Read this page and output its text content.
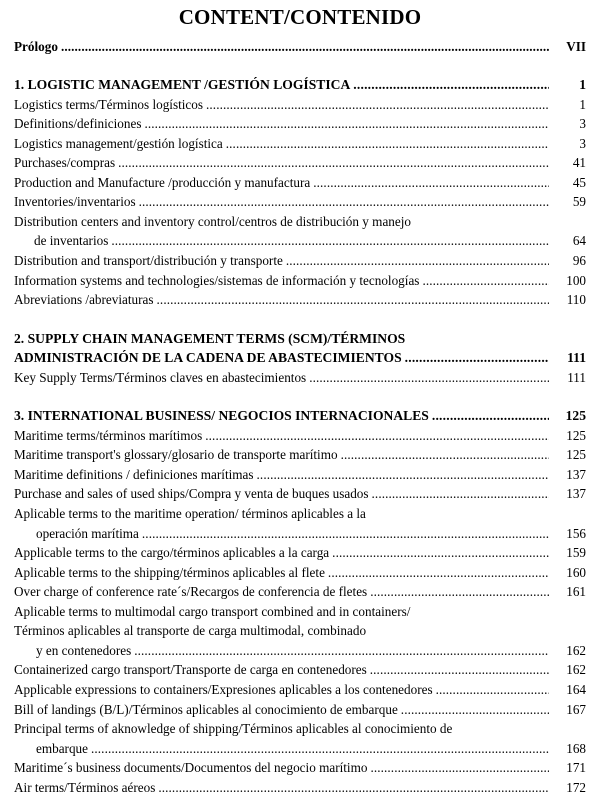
CONTENT/CONTENIDO
Prólogo . . .	VII
1. LOGISTIC MANAGEMENT /GESTIÓN LOGÍSTICA . . .	1
Logistics terms/Términos logísticos . . .	1
Definitions/definiciones . . .	3
Logistics management/gestión logística . . .	3
Purchases/compras . . .	41
Production and Manufacture /producción y manufactura . . .	45
Inventories/inventarios . . .	59
Distribution centers and inventory control/centros de distribución y manejo
de inventarios . . .	64
Distribution and transport/distribución y transporte . . .	96
Information systems and technologies/sistemas de información y tecnologías . . .	100
Abreviations /abreviaturas . . .	110
2. SUPPLY CHAIN MANAGEMENT TERMS (SCM)/TÉRMINOS
ADMINISTRACIÓN DE LA CADENA DE ABASTECIMIENTOS . . .	111
Key Supply Terms/Términos claves en abastecimientos . . .	111
3. INTERNATIONAL BUSINESS/ NEGOCIOS INTERNACIONALES . . .	125
Maritime terms/términos marítimos . . .	125
Maritime transport's glossary/glosario de transporte marítimo . . .	125
Maritime definitions / definiciones marítimas . . .	137
Purchase and sales of used ships/Compra y venta de buques usados . . .	137
Aplicable terms to the maritime operation/ términos aplicables a la
operación marítima . . .	156
Applicable terms to the cargo/términos aplicables a la carga . . .	159
Aplicable terms to the shipping/términos aplicables al flete . . .	160
Over charge of conference rate´s/Recargos de conferencia de fletes . . .	161
Aplicable terms to multimodal cargo transport combined and in containers/
Términos aplicables al transporte de carga multimodal, combinado
y en contenedores . . .	162
Containerized cargo transport/Transporte de carga en contenedores . . .	162
Applicable expressions to containers/Expresiones aplicables a los contenedores . . .	164
Bill of landings (B/L)/Términos aplicables al conocimiento de embarque . . .	167
Principal terms of aknowledge of shipping/Términos aplicables al conocimiento de
embarque . . .	168
Maritime´s business documents/Documentos del negocio marítimo . . .	171
Air terms/Términos aéreos . . .	172
